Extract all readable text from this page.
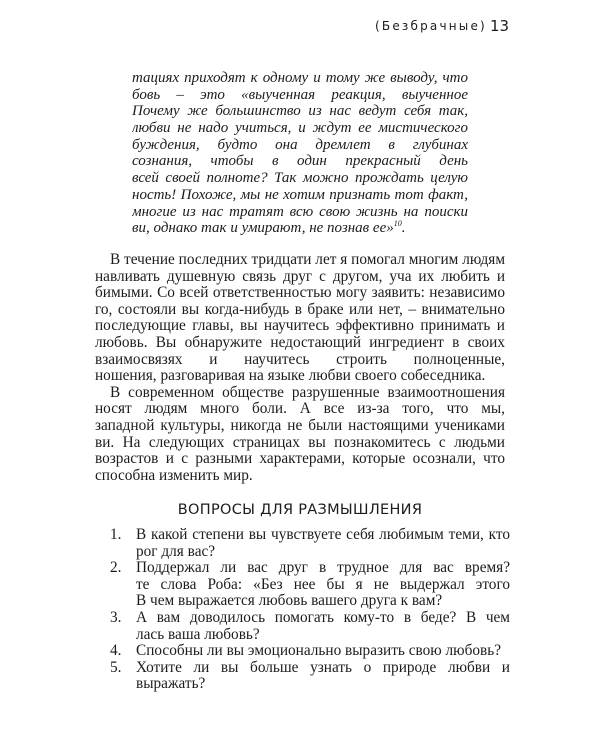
(Безбрачные) 13
тациях приходят к одному и тому же выводу, что
бовь – это «выученная реакция, выученное
Почему же большинство из нас ведут себя так,
любви не надо учиться, и ждут ее мистического
буждения, будто она дремлет в глубинах
сознания, чтобы в один прекрасный день
всей своей полноте? Так можно прождать целую
ность! Похоже, мы не хотим признать тот факт,
многие из нас тратят всю свою жизнь на поиски
ви, однако так и умирают, не познав ее»$^{10}$.
В течение последних тридцати лет я помогал многим людям
навливать душевную связь друг с другом, уча их любить и
бимыми. Со всей ответственностью могу заявить: независимо
го, состояли вы когда-нибудь в браке или нет, – внимательно
последующие главы, вы научитесь эффективно принимать и
любовь. Вы обнаружите недостающий ингредиент в своих
взаимосвязях и научитесь строить полноценные,
ношения, разговаривая на языке любви своего собеседника.
В современном обществе разрушенные взаимоотношения
носят людям много боли. А все из-за того, что мы,
западной культуры, никогда не были настоящими учениками
ви. На следующих страницах вы познакомитесь с людьми
возрастов и с разными характерами, которые осознали, что
способна изменить мир.
ВОПРОСЫ ДЛЯ РАЗМЫШЛЕНИЯ
1. В какой степени вы чувствуете себя любимым теми, кто
рог для вас?
2. Поддержал ли вас друг в трудное для вас время?
те слова Роба: «Без нее бы я не выдержал этого
В чем выражается любовь вашего друга к вам?
3. А вам доводилось помогать кому-то в беде? В чем
лась ваша любовь?
4. Способны ли вы эмоционально выразить свою любовь?
5. Хотите ли вы больше узнать о природе любви и
выражать?
